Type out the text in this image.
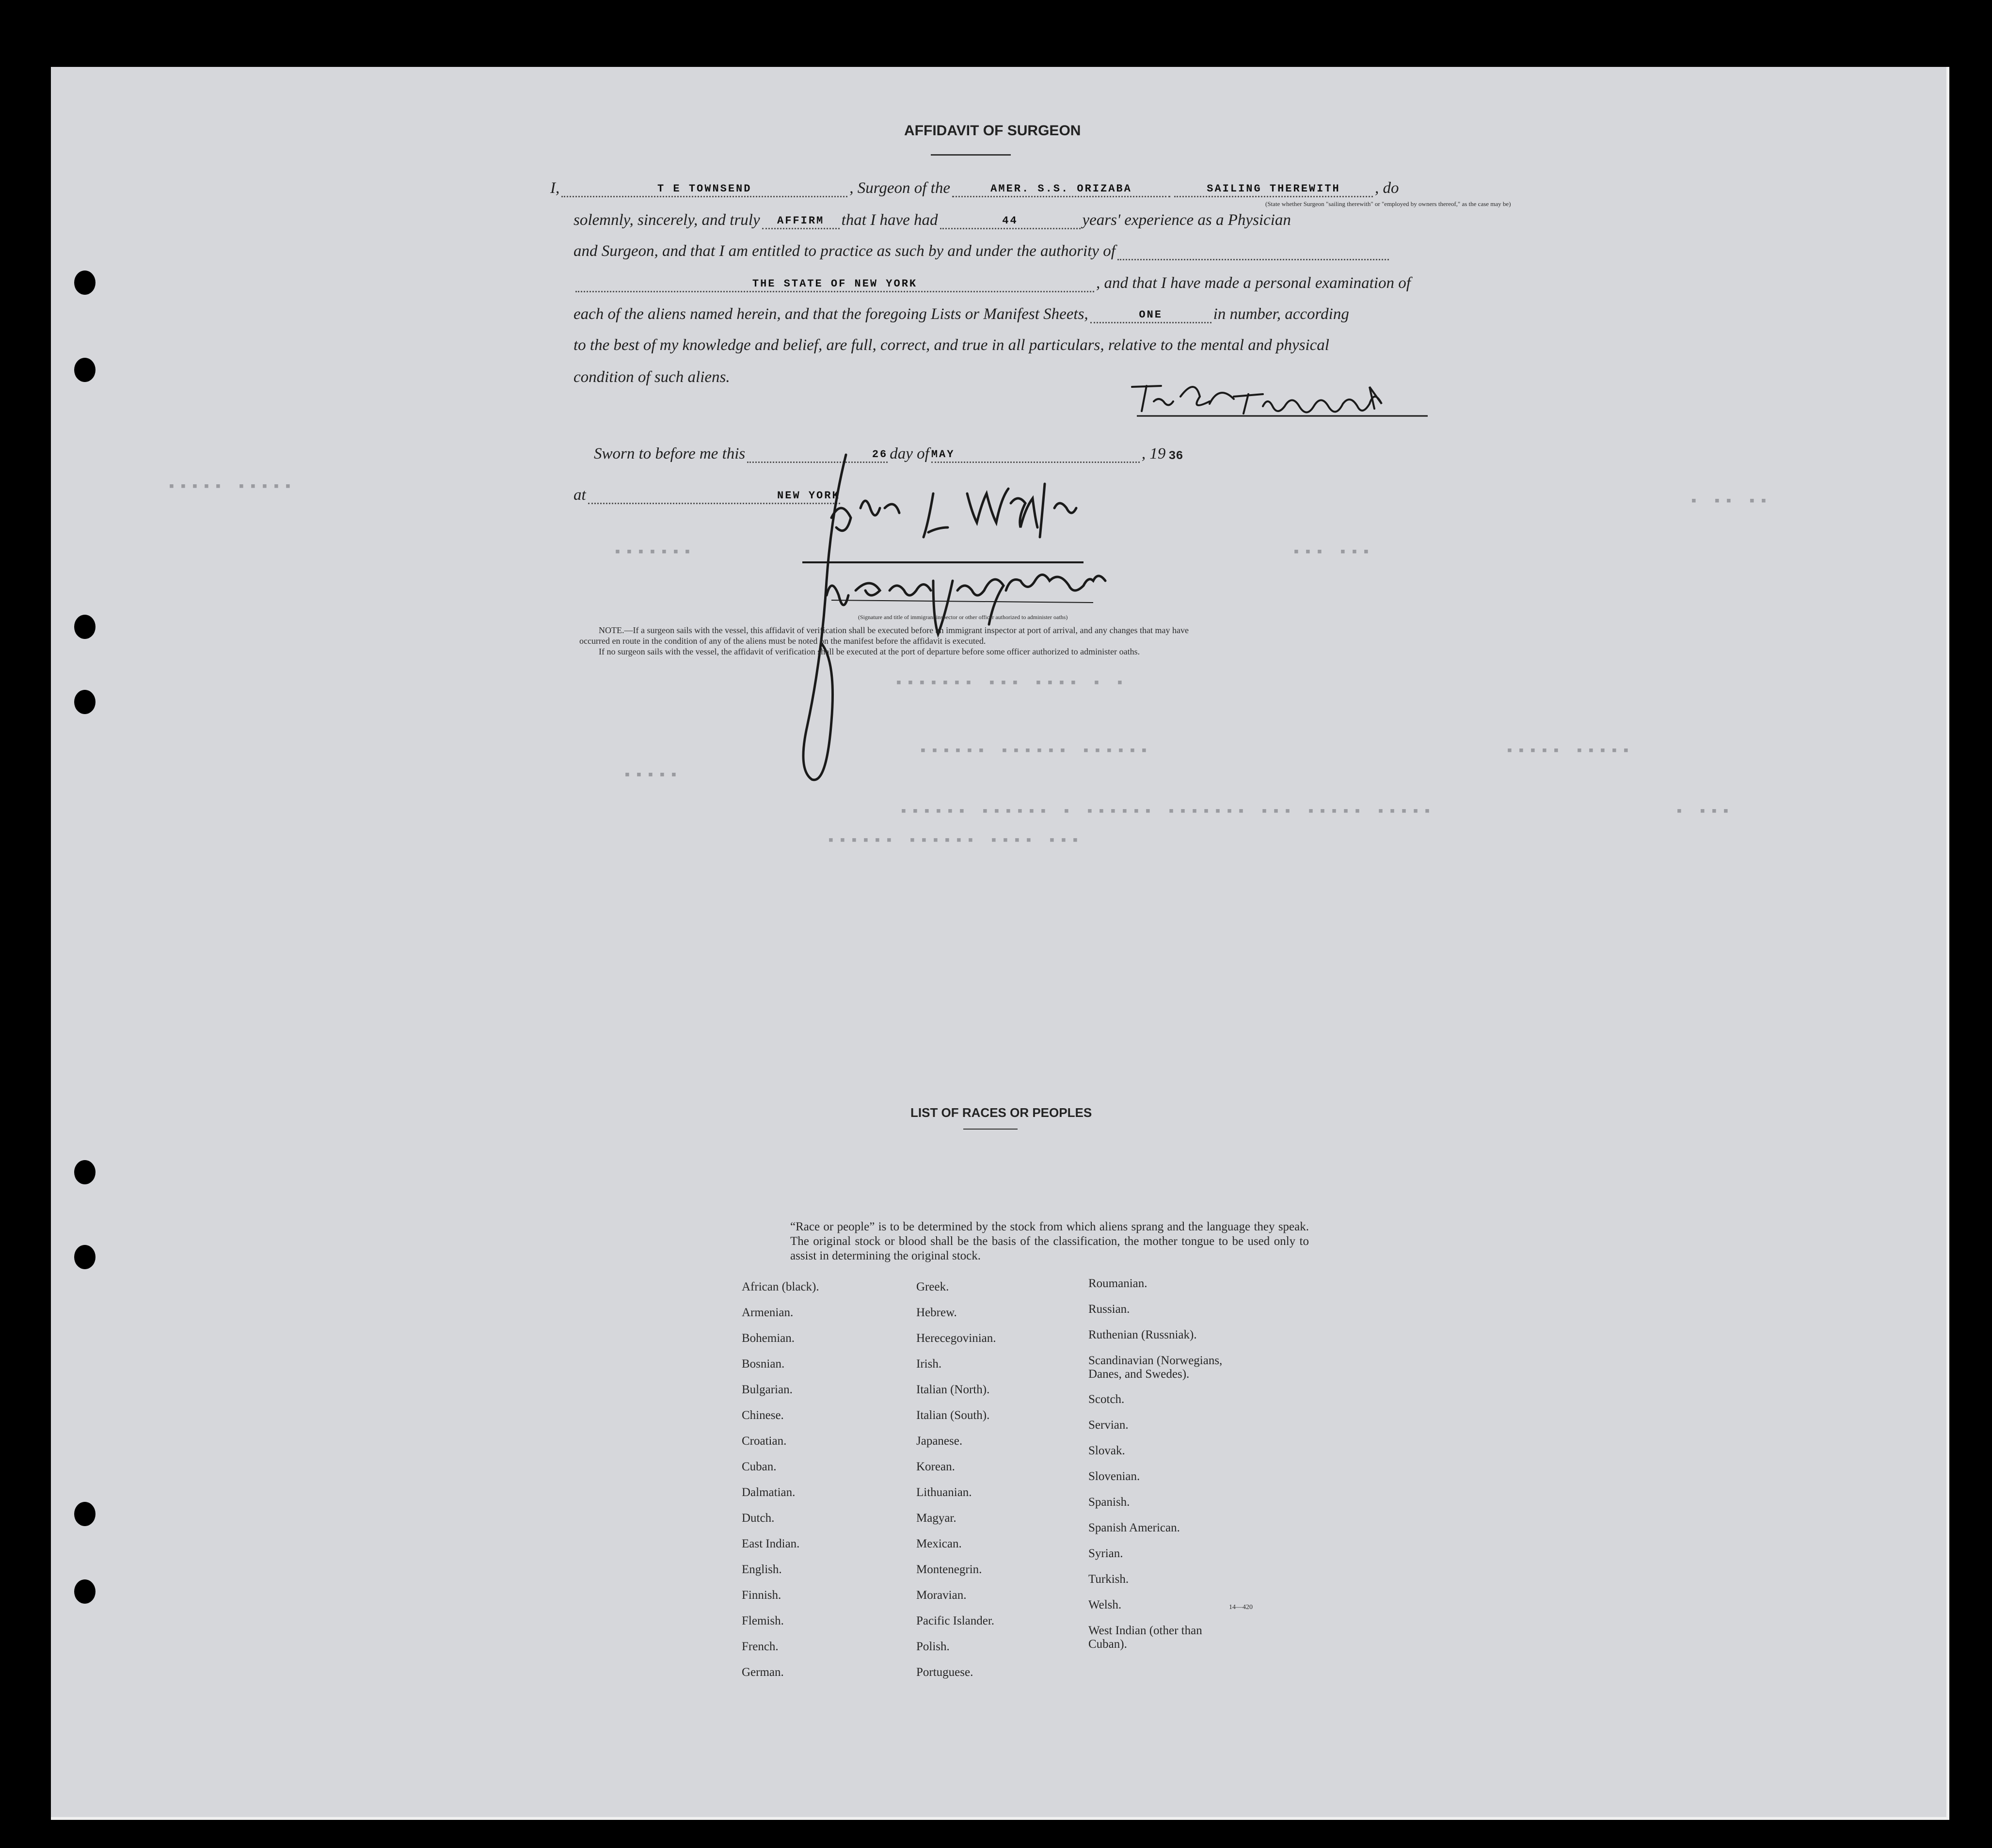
▪▪▪▪▪ ▪▪▪▪▪
▪▪▪▪▪▪▪	▪▪▪ ▪▪▪
▪ ▪▪ ▪▪
▪▪▪▪▪▪▪ ▪▪▪ ▪▪▪▪ ▪ ▪
▪▪▪▪▪▪ ▪▪▪▪▪▪ ▪▪▪▪▪▪
▪▪▪▪▪
▪▪▪▪▪▪ ▪▪▪▪▪▪ ▪ ▪▪▪▪▪▪ ▪▪▪▪▪▪▪ ▪▪▪ ▪▪▪▪▪ ▪▪▪▪▪
▪▪▪▪▪▪ ▪▪▪▪▪▪ ▪▪▪▪ ▪▪▪
▪ ▪▪▪
▪▪▪▪▪ ▪▪▪▪▪
AFFIDAVIT OF SURGEON
I,	T E TOWNSEND	, Surgeon of the	AMER. S.S. ORIZABA	SAILING THEREWITH	, do
(State whether Surgeon "sailing therewith" or "employed by owners thereof," as the case may be)
solemnly, sincerely, and truly	AFFIRM	that I have had	44	years' experience as a Physician
and Surgeon, and that I am entitled to practice as such by and under the authority of
THE STATE OF NEW YORK	, and that I have made a personal examination of
each of the aliens named herein, and that the foregoing Lists or Manifest Sheets,	ONE	in number, according
to the best of my knowledge and belief, are full, correct, and true in all particulars, relative to the mental and physical
condition of such aliens.
Sworn to before me this	26 day of MAY	, 19 36
at	NEW YORK
(Signature and title of immigrant inspector or other officer authorized to administer oaths)
NOTE.—If a surgeon sails with the vessel, this affidavit of verification shall be executed before an immigrant inspector at port of arrival, and any changes that may have
occurred en route in the condition of any of the aliens must be noted on the manifest before the affidavit is executed.
If no surgeon sails with the vessel, the affidavit of verification shall be executed at the port of departure before some officer authorized to administer oaths.
LIST OF RACES OR PEOPLES
“Race or people” is to be determined by the stock from which aliens sprang and the language they speak. The original stock or blood shall be the basis of the classification, the mother tongue to be used only to assist in determining the original stock.
African (black).
Armenian.
Bohemian.
Bosnian.
Bulgarian.
Chinese.
Croatian.
Cuban.
Dalmatian.
Dutch.
East Indian.
English.
Finnish.
Flemish.
French.
German.
Greek.
Hebrew.
Herecegovinian.
Irish.
Italian (North).
Italian (South).
Japanese.
Korean.
Lithuanian.
Magyar.
Mexican.
Montenegrin.
Moravian.
Pacific Islander.
Polish.
Portuguese.
Roumanian.
Russian.
Ruthenian (Russniak).
Scandinavian (Norwegians, Danes, and Swedes).
Scotch.
Servian.
Slovak.
Slovenian.
Spanish.
Spanish American.
Syrian.
Turkish.
Welsh.
West Indian (other than Cuban).
14—420
